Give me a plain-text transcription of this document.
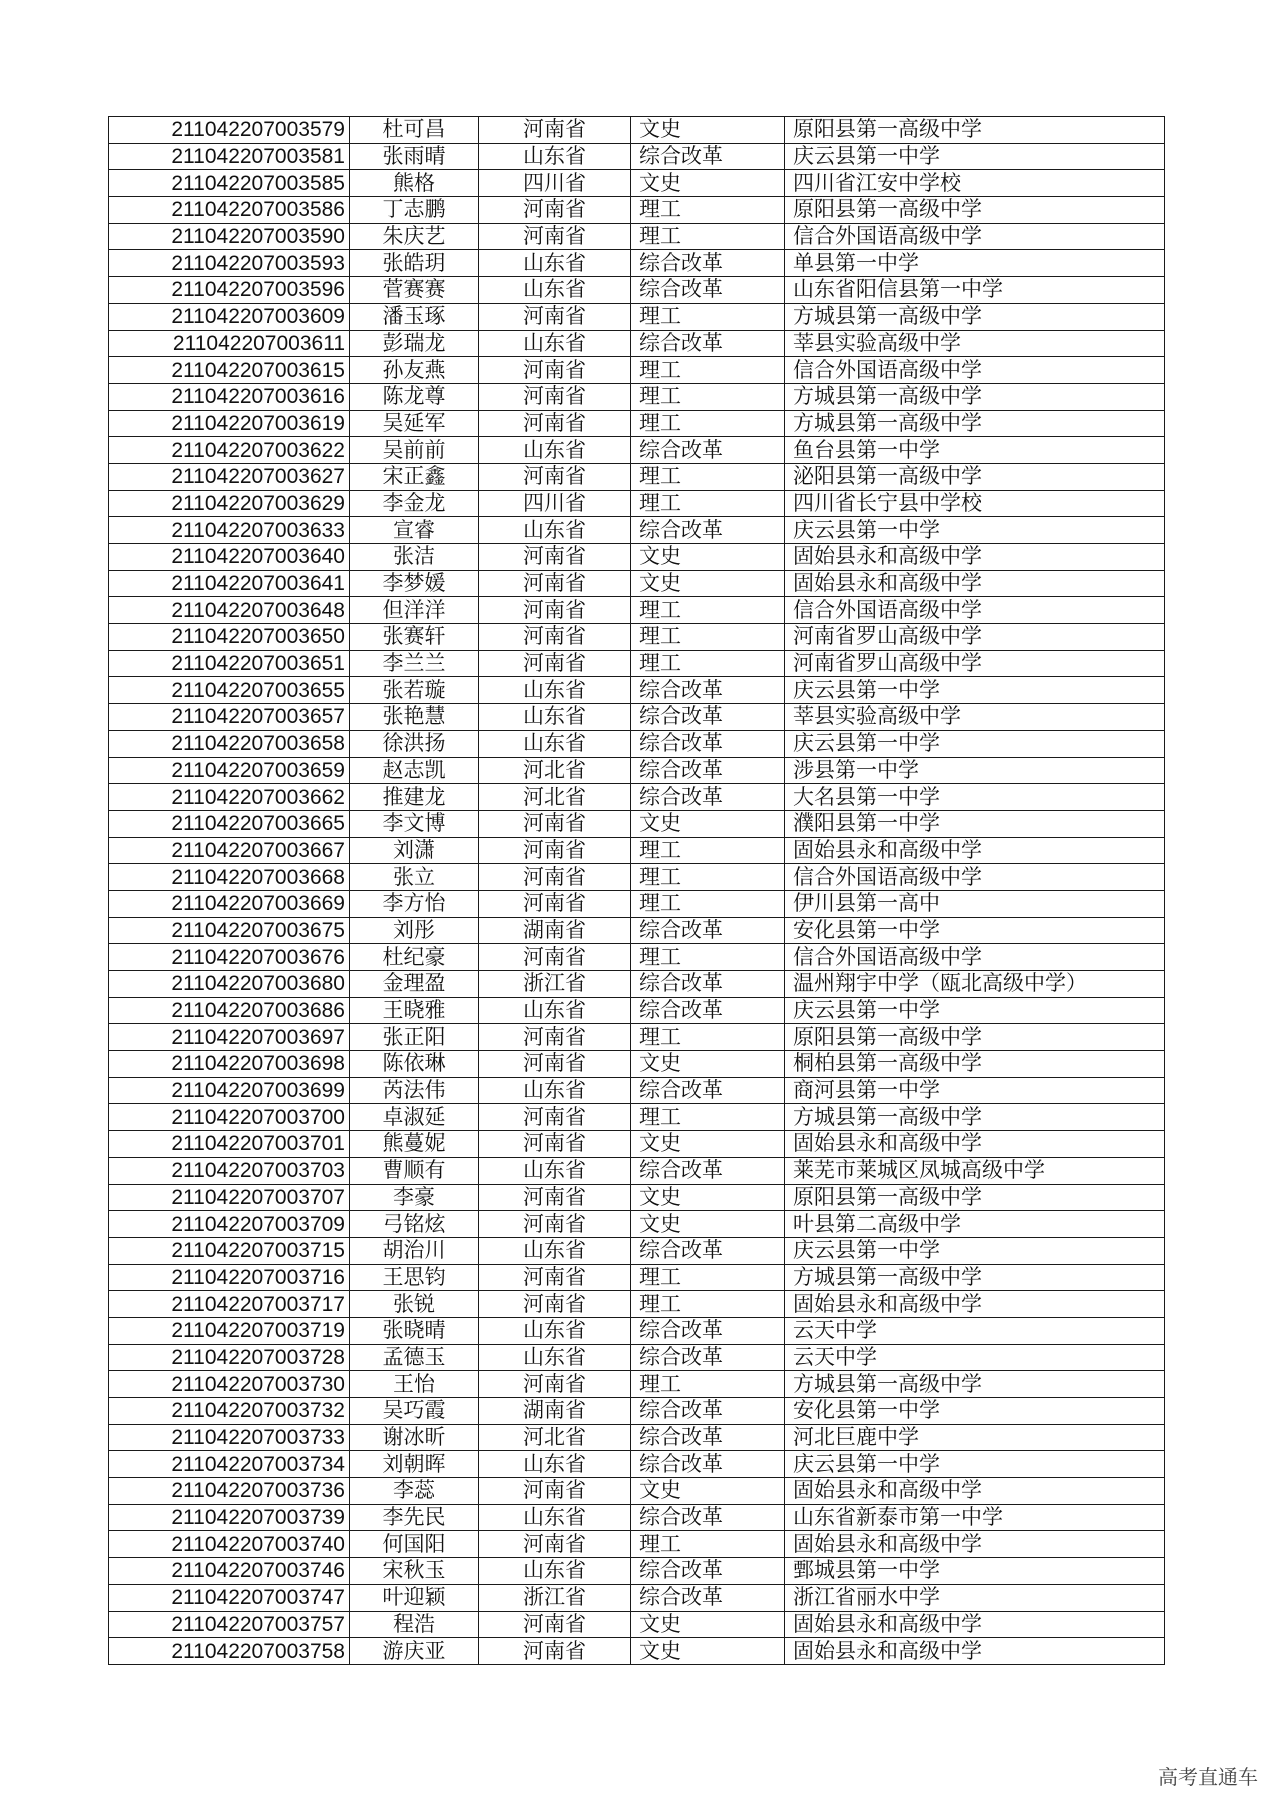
211042207003579	杜可昌	河南省	文史	原阳县第一高级中学
211042207003581	张雨晴	山东省	综合改革	庆云县第一中学
211042207003585	熊格	四川省	文史	四川省江安中学校
211042207003586	丁志鹏	河南省	理工	原阳县第一高级中学
211042207003590	朱庆艺	河南省	理工	信合外国语高级中学
211042207003593	张皓玥	山东省	综合改革	单县第一中学
211042207003596	菅赛赛	山东省	综合改革	山东省阳信县第一中学
211042207003609	潘玉琢	河南省	理工	方城县第一高级中学
211042207003611	彭瑞龙	山东省	综合改革	莘县实验高级中学
211042207003615	孙友燕	河南省	理工	信合外国语高级中学
211042207003616	陈龙尊	河南省	理工	方城县第一高级中学
211042207003619	吴延军	河南省	理工	方城县第一高级中学
211042207003622	吴前前	山东省	综合改革	鱼台县第一中学
211042207003627	宋正鑫	河南省	理工	泌阳县第一高级中学
211042207003629	李金龙	四川省	理工	四川省长宁县中学校
211042207003633	宣睿	山东省	综合改革	庆云县第一中学
211042207003640	张洁	河南省	文史	固始县永和高级中学
211042207003641	李梦媛	河南省	文史	固始县永和高级中学
211042207003648	但洋洋	河南省	理工	信合外国语高级中学
211042207003650	张赛轩	河南省	理工	河南省罗山高级中学
211042207003651	李兰兰	河南省	理工	河南省罗山高级中学
211042207003655	张若璇	山东省	综合改革	庆云县第一中学
211042207003657	张艳慧	山东省	综合改革	莘县实验高级中学
211042207003658	徐洪扬	山东省	综合改革	庆云县第一中学
211042207003659	赵志凯	河北省	综合改革	涉县第一中学
211042207003662	推建龙	河北省	综合改革	大名县第一中学
211042207003665	李文博	河南省	文史	濮阳县第一中学
211042207003667	刘潇	河南省	理工	固始县永和高级中学
211042207003668	张立	河南省	理工	信合外国语高级中学
211042207003669	李方怡	河南省	理工	伊川县第一高中
211042207003675	刘彤	湖南省	综合改革	安化县第一中学
211042207003676	杜纪豪	河南省	理工	信合外国语高级中学
211042207003680	金理盈	浙江省	综合改革	温州翔宇中学（瓯北高级中学）
211042207003686	王晓雅	山东省	综合改革	庆云县第一中学
211042207003697	张正阳	河南省	理工	原阳县第一高级中学
211042207003698	陈依琳	河南省	文史	桐柏县第一高级中学
211042207003699	芮法伟	山东省	综合改革	商河县第一中学
211042207003700	卓淑延	河南省	理工	方城县第一高级中学
211042207003701	熊蔓妮	河南省	文史	固始县永和高级中学
211042207003703	曹顺有	山东省	综合改革	莱芜市莱城区凤城高级中学
211042207003707	李豪	河南省	文史	原阳县第一高级中学
211042207003709	弓铭炫	河南省	文史	叶县第二高级中学
211042207003715	胡治川	山东省	综合改革	庆云县第一中学
211042207003716	王思钧	河南省	理工	方城县第一高级中学
211042207003717	张锐	河南省	理工	固始县永和高级中学
211042207003719	张晓晴	山东省	综合改革	云天中学
211042207003728	孟德玉	山东省	综合改革	云天中学
211042207003730	王怡	河南省	理工	方城县第一高级中学
211042207003732	吴巧霞	湖南省	综合改革	安化县第一中学
211042207003733	谢冰昕	河北省	综合改革	河北巨鹿中学
211042207003734	刘朝晖	山东省	综合改革	庆云县第一中学
211042207003736	李蕊	河南省	文史	固始县永和高级中学
211042207003739	李先民	山东省	综合改革	山东省新泰市第一中学
211042207003740	何国阳	河南省	理工	固始县永和高级中学
211042207003746	宋秋玉	山东省	综合改革	鄄城县第一中学
211042207003747	叶迎颖	浙江省	综合改革	浙江省丽水中学
211042207003757	程浩	河南省	文史	固始县永和高级中学
211042207003758	游庆亚	河南省	文史	固始县永和高级中学
高考直通车
